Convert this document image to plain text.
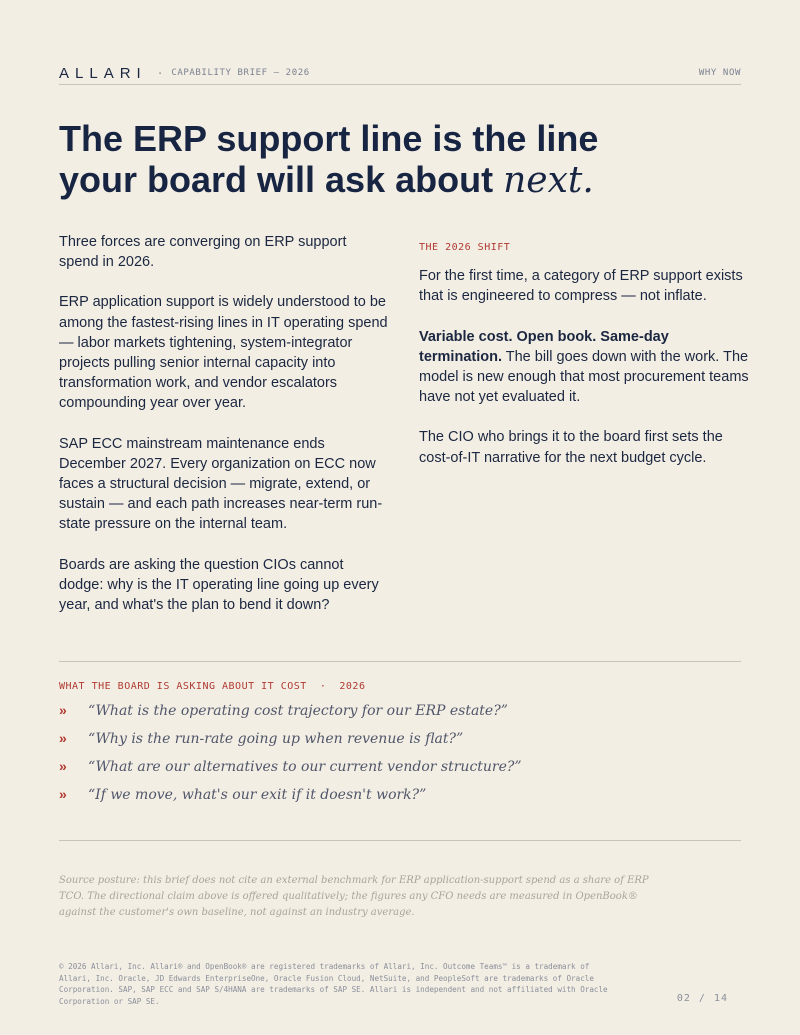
ALLARI · CAPABILITY BRIEF — 2026	WHY NOW
The ERP support line is the line
your board will ask about next.

Three forces are converging on ERP support spend in 2026.

ERP application support is widely understood to be among the fastest-rising lines in IT operating spend — labor markets tightening, system-integrator projects pulling senior internal capacity into transformation work, and vendor escalators compounding year over year.

SAP ECC mainstream maintenance ends December 2027. Every organization on ECC now faces a structural decision — migrate, extend, or sustain — and each path increases near-term run-state pressure on the internal team.

Boards are asking the question CIOs cannot dodge: why is the IT operating line going up every year, and what's the plan to bend it down?

THE 2026 SHIFT

For the first time, a category of ERP support exists that is engineered to compress — not inflate.

Variable cost. Open book. Same-day termination. The bill goes down with the work. The model is new enough that most procurement teams have not yet evaluated it.

The CIO who brings it to the board first sets the cost-of-IT narrative for the next budget cycle.

WHAT THE BOARD IS ASKING ABOUT IT COST  ·  2026
»	“What is the operating cost trajectory for our ERP estate?”
»	“Why is the run-rate going up when revenue is flat?”
»	“What are our alternatives to our current vendor structure?”
»	“If we move, what's our exit if it doesn't work?”
Source posture: this brief does not cite an external benchmark for ERP application-support spend as a share of ERP TCO. The directional claim above is offered qualitatively; the figures any CFO needs are measured in OpenBook® against the customer's own baseline, not against an industry average.
© 2026 Allari, Inc. Allari® and OpenBook® are registered trademarks of Allari, Inc. Outcome Teams™ is a trademark of Allari, Inc. Oracle, JD Edwards EnterpriseOne, Oracle Fusion Cloud, NetSuite, and PeopleSoft are trademarks of Oracle Corporation. SAP, SAP ECC and SAP S/4HANA are trademarks of SAP SE. Allari is independent and not affiliated with Oracle Corporation or SAP SE.	02 / 14
